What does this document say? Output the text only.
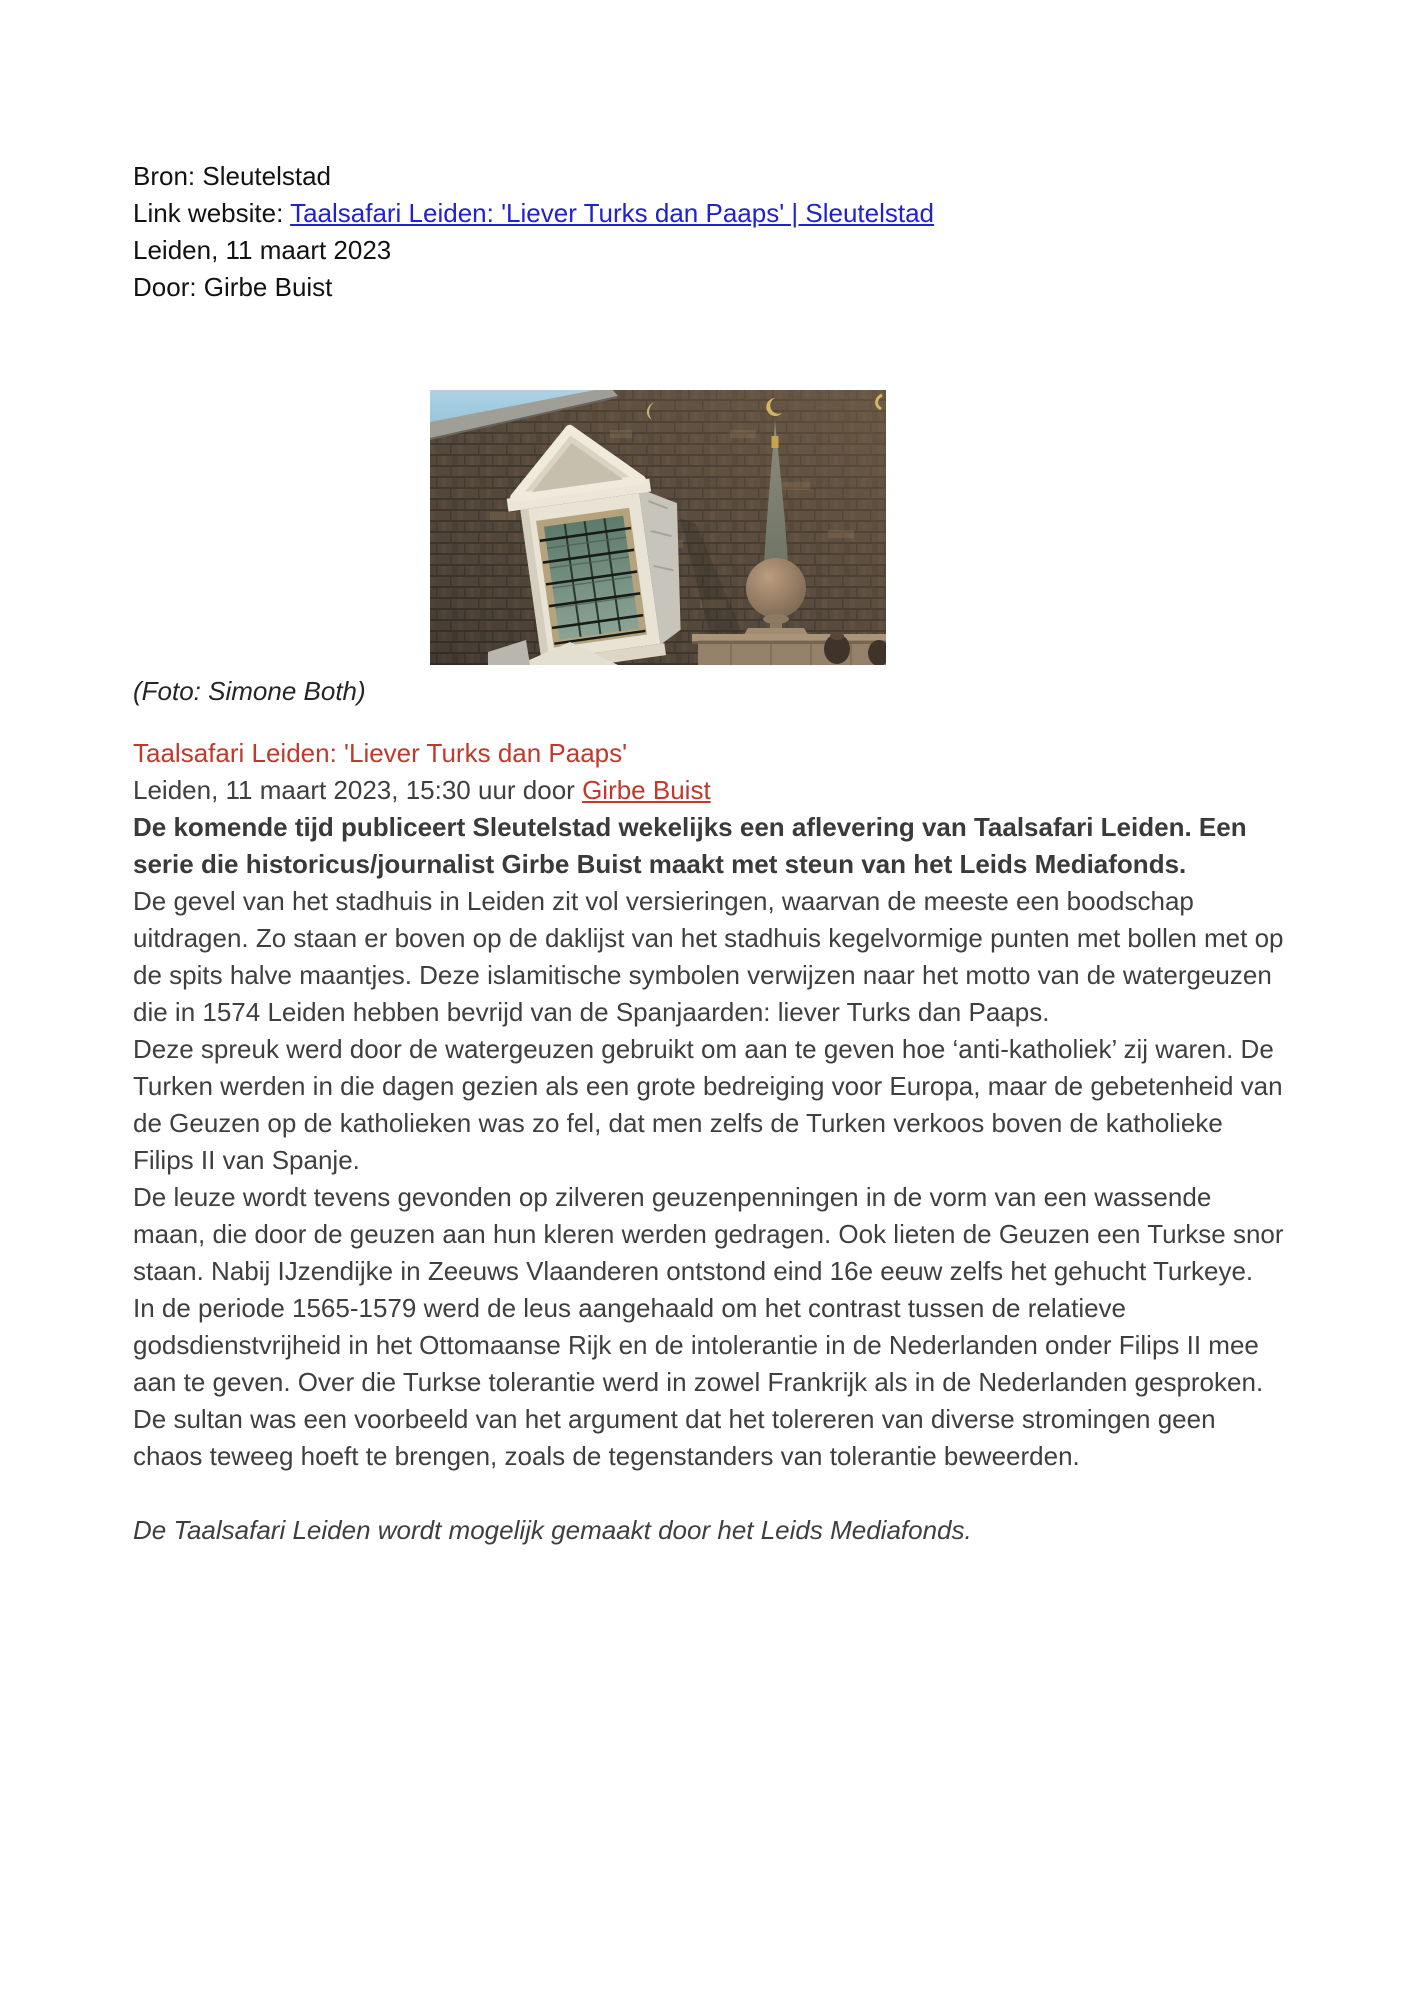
Bron: Sleutelstad

Link website: Taalsafari Leiden: 'Liever Turks dan Paaps' | Sleutelstad

Leiden, 11 maart 2023

Door: Girbe Buist

(Foto: Simone Both)

Taalsafari Leiden: 'Liever Turks dan Paaps'

Leiden, 11 maart 2023, 15:30 uur door Girbe Buist

De komende tijd publiceert Sleutelstad wekelijks een aflevering van Taalsafari Leiden. Een serie die historicus/journalist Girbe Buist maakt met steun van het Leids Mediafonds.

De gevel van het stadhuis in Leiden zit vol versieringen, waarvan de meeste een boodschap uitdragen. Zo staan er boven op de daklijst van het stadhuis kegelvormige punten met bollen met op de spits halve maantjes. Deze islamitische symbolen verwijzen naar het motto van de watergeuzen die in 1574 Leiden hebben bevrijd van de Spanjaarden: liever Turks dan Paaps.

Deze spreuk werd door de watergeuzen gebruikt om aan te geven hoe ‘anti-katholiek’ zij waren. De Turken werden in die dagen gezien als een grote bedreiging voor Europa, maar de gebetenheid van de Geuzen op de katholieken was zo fel, dat men zelfs de Turken verkoos boven de katholieke Filips II van Spanje.

De leuze wordt tevens gevonden op zilveren geuzenpenningen in de vorm van een wassende maan, die door de geuzen aan hun kleren werden gedragen. Ook lieten de Geuzen een Turkse snor staan. Nabij IJzendijke in Zeeuws Vlaanderen ontstond eind 16e eeuw zelfs het gehucht Turkeye.

In de periode 1565-1579 werd de leus aangehaald om het contrast tussen de relatieve godsdienstvrijheid in het Ottomaanse Rijk en de intolerantie in de Nederlanden onder Filips II mee aan te geven. Over die Turkse tolerantie werd in zowel Frankrijk als in de Nederlanden gesproken. De sultan was een voorbeeld van het argument dat het tolereren van diverse stromingen geen chaos teweeg hoeft te brengen, zoals de tegenstanders van tolerantie beweerden.

De Taalsafari Leiden wordt mogelijk gemaakt door het Leids Mediafonds.
